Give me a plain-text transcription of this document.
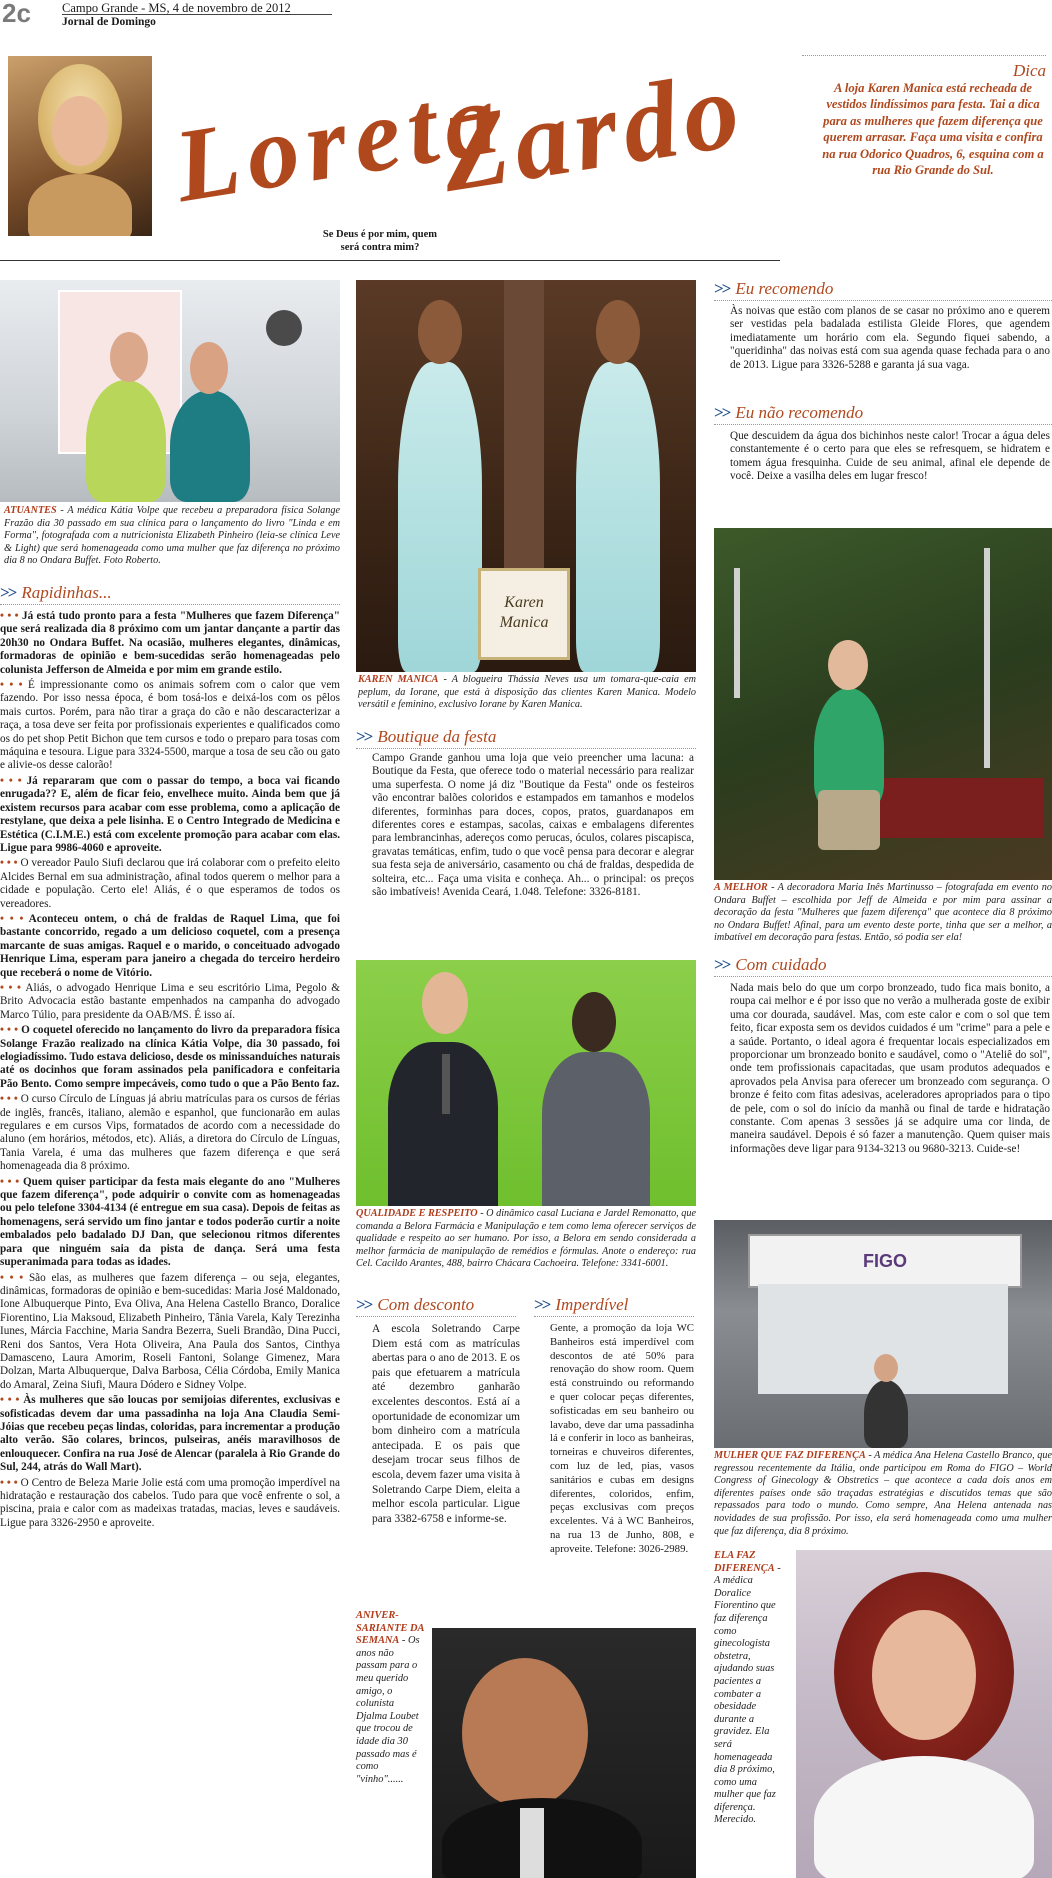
2c Campo Grande - MS, 4 de novembro de 2012
Jornal de Domingo
Loreta
Zardo
Se Deus é por mim, quem
será contra mim?
Dica
A loja Karen Manica está recheada de vestidos lindíssimos para festa. Tai a dica para as mulheres que fazem diferença que querem arrasar. Faça uma visita e confira na rua Odorico Quadros, 6, esquina com a rua Rio Grande do Sul.
ATUANTES - A médica Kátia Volpe que recebeu a preparadora física Solange Frazão dia 30 passado em sua clínica para o lançamento do livro "Linda e em Forma", fotografada com a nutricionista Elizabeth Pinheiro (leia-se clínica Leve & Light) que será homenageada como uma mulher que faz diferença no próximo dia 8 no Ondara Buffet. Foto Roberto.
>> Rapidinhas...

• • • Já está tudo pronto para a festa "Mulheres que fazem Diferença" que será realizada dia 8 próximo com um jantar dançante a partir das 20h30 no Ondara Buffet. Na ocasião, mulheres elegantes, dinâmicas, formadoras de opinião e bem-sucedidas serão homenageadas pelo colunista Jefferson de Almeida e por mim em grande estilo.

• • • É impressionante como os animais sofrem com o calor que vem fazendo. Por isso nessa época, é bom tosá-los e deixá-los com os pêlos mais curtos. Porém, para não tirar a graça do cão e não descaracterizar a raça, a tosa deve ser feita por profissionais experientes e qualificados como os do pet shop Petit Bichon que tem cursos e todo o preparo para tosas com máquina e tesoura. Ligue para 3324-5500, marque a tosa de seu cão ou gato e alivie-os desse calorão!

• • • Já repararam que com o passar do tempo, a boca vai ficando enrugada?? E, além de ficar feio, envelhece muito. Ainda bem que já existem recursos para acabar com esse problema, como a aplicação de restylane, que deixa a pele lisinha. E o Centro Integrado de Medicina e Estética (C.I.M.E.) está com excelente promoção para acabar com elas. Ligue para 9986-4060 e aproveite.

• • • O vereador Paulo Siufi declarou que irá colaborar com o prefeito eleito Alcides Bernal em sua administração, afinal todos querem o melhor para a cidade e população. Certo ele! Aliás, é o que esperamos de todos os vereadores.

• • • Aconteceu ontem, o chá de fraldas de Raquel Lima, que foi bastante concorrido, regado a um delicioso coquetel, com a presença marcante de suas amigas. Raquel e o marido, o conceituado advogado Henrique Lima, esperam para janeiro a chegada do terceiro herdeiro que receberá o nome de Vitório.

• • • Aliás, o advogado Henrique Lima e seu escritório Lima, Pegolo & Brito Advocacia estão bastante empenhados na campanha do advogado Marco Túlio, para presidente da OAB/MS. É isso aí.

• • • O coquetel oferecido no lançamento do livro da preparadora física Solange Frazão realizado na clínica Kátia Volpe, dia 30 passado, foi elogiadíssimo. Tudo estava delicioso, desde os minissanduíches naturais até os docinhos que foram assinados pela panificadora e confeitaria Pão Bento. Como sempre impecáveis, como tudo o que a Pão Bento faz.

• • • O curso Círculo de Línguas já abriu matrículas para os cursos de férias de inglês, francês, italiano, alemão e espanhol, que funcionarão em aulas regulares e em cursos Vips, formatados de acordo com a necessidade do aluno (em horários, métodos, etc). Aliás, a diretora do Círculo de Línguas, Tania Varela, é uma das mulheres que fazem diferença e que será homenageada dia 8 próximo.

• • • Quem quiser participar da festa mais elegante do ano "Mulheres que fazem diferença", pode adquirir o convite com as homenageadas ou pelo telefone 3304-4134 (é entregue em sua casa). Depois de feitas as homenagens, será servido um fino jantar e todos poderão curtir a noite embalados pelo badalado DJ Dan, que selecionou ritmos diferentes para que ninguém saia da pista de dança. Será uma festa superanimada para todas as idades.

• • • São elas, as mulheres que fazem diferença – ou seja, elegantes, dinâmicas, formadoras de opinião e bem-sucedidas: Maria José Maldonado, Ione Albuquerque Pinto, Eva Oliva, Ana Helena Castello Branco, Doralice Fiorentino, Lia Maksoud, Elizabeth Pinheiro, Tânia Varela, Kaly Terezinha Iunes, Márcia Facchine, Maria Sandra Bezerra, Sueli Brandão, Dina Pucci, Reni dos Santos, Vera Hota Oliveira, Ana Paula dos Santos, Cinthya Damasceno, Laura Amorim, Roseli Fantoni, Solange Gimenez, Mara Dolzan, Marta Albuquerque, Dalva Barbosa, Célia Córdoba, Emily Manica do Amaral, Zeina Siufi, Maura Dódero e Sidney Volpe.

• • • Às mulheres que são loucas por semijoias diferentes, exclusivas e sofisticadas devem dar uma passadinha na loja Ana Claudia Semi-Jóias que recebeu peças lindas, coloridas, para incrementar a produção alto verão. São colares, brincos, pulseiras, anéis maravilhosos de enlouquecer. Confira na rua José de Alencar (paralela à Rio Grande do Sul, 244, atrás do Wall Mart).

• • • O Centro de Beleza Marie Jolie está com uma promoção imperdível na hidratação e restauração dos cabelos. Tudo para que você enfrente o sol, a piscina, praia e calor com as madeixas tratadas, macias, leves e saudáveis. Ligue para 3326-2950 e aproveite.

Karen
Manica
KAREN MANICA - A blogueira Thássia Neves usa um tomara-que-caia em peplum, da Iorane, que está à disposição das clientes Karen Manica. Modelo versátil e feminino, exclusivo Iorane by Karen Manica.
>> Boutique da festa
Campo Grande ganhou uma loja que veio preencher uma lacuna: a Boutique da Festa, que oferece todo o material necessário para realizar uma superfesta. O nome já diz "Boutique da Festa" onde os festeiros vão encontrar balões coloridos e estampados em tamanhos e modelos diferentes, forminhas para doces, copos, pratos, guardanapos em diferentes cores e estampas, sacolas, caixas e embalagens diferentes para lembrancinhas, adereços como perucas, óculos, colares piscapisca, gravatas temáticas, enfim, tudo o que você pensa para decorar e alegrar sua festa seja de aniversário, casamento ou chá de fraldas, despedida de solteira, etc... Faça uma visita e conheça. Ah... o principal: os preços são imbatíveis! Avenida Ceará, 1.048. Telefone: 3326-8181.
QUALIDADE E RESPEITO - O dinâmico casal Luciana e Jardel Remonatto, que comanda a Belora Farmácia e Manipulação e tem como lema oferecer serviços de qualidade e respeito ao ser humano. Por isso, a Belora em sendo considerada a melhor farmácia de manipulação de remédios e fórmulas. Anote o endereço: rua Cel. Cacildo Arantes, 488, bairro Chácara Cachoeira. Telefone: 3341-6001.
>> Com desconto
A escola Soletrando Carpe Diem está com as matrículas abertas para o ano de 2013. E os pais que efetuarem a matrícula até dezembro ganharão excelentes descontos. Está aí a oportunidade de economizar um bom dinheiro com a matrícula antecipada. E os pais que desejam trocar seus filhos de escola, devem fazer uma visita à Soletrando Carpe Diem, eleita a melhor escola particular. Ligue para 3382-6758 e informe-se.
>> Imperdível
Gente, a promoção da loja WC Banheiros está imperdível com descontos de até 50% para renovação do show room. Quem está construindo ou reformando e quer colocar peças diferentes, sofisticadas em seu banheiro ou lavabo, deve dar uma passadinha lá e conferir in loco as banheiras, torneiras e chuveiros diferentes, com luz de led, pias, vasos sanitários e cubas em designs diferentes, coloridos, enfim, peças exclusivas com preços excelentes. Vá à WC Banheiros, na rua 13 de Junho, 808, e aproveite. Telefone: 3026-2989.
ANIVER-SARIANTE DA SEMANA - Os anos não passam para o meu querido amigo, o colunista Djalma Loubet que trocou de idade dia 30 passado mas é como "vinho"......
>> Eu recomendo
Às noivas que estão com planos de se casar no próximo ano e querem ser vestidas pela badalada estilista Gleide Flores, que agendem imediatamente um horário com ela. Segundo fiquei sabendo, a "queridinha" das noivas está com sua agenda quase fechada para o ano de 2013. Ligue para 3326-5288 e garanta já sua vaga.
>> Eu não recomendo
Que descuidem da água dos bichinhos neste calor! Trocar a água deles constantemente é o certo para que eles se refresquem, se hidratem e tomem água fresquinha. Cuide de seu animal, afinal ele depende de você. Deixe a vasilha deles em lugar fresco!
A MELHOR - A decoradora Maria Inês Martinusso – fotografada em evento no Ondara Buffet – escolhida por Jeff de Almeida e por mim para assinar a decoração da festa "Mulheres que fazem diferença" que acontece dia 8 próximo no Ondara Buffet! Afinal, para um evento deste porte, tinha que ser a melhor, a imbatível em decoração para festas. Então, só podia ser ela!
>> Com cuidado
Nada mais belo do que um corpo bronzeado, tudo fica mais bonito, a roupa cai melhor e é por isso que no verão a mulherada goste de exibir uma cor dourada, saudável. Mas, com este calor e com o sol que tem feito, ficar exposta sem os devidos cuidados é um "crime" para a pele e a saúde. Portanto, o ideal agora é frequentar locais especializados em proporcionar um bronzeado bonito e saudável, como o "Ateliê do sol", onde tem profissionais capacitadas, que usam produtos adequados e aprovados pela Anvisa para oferecer um bronzeado com segurança. O bronze é feito com fitas adesivas, aceleradores apropriados para o tipo de pele, com o sol do início da manhã ou final de tarde e hidratação constante. Com apenas 3 sessões já se adquire uma cor linda, de maneira saudável. Depois é só fazer a manutenção. Quem quiser mais informações deve ligar para 9134-3213 ou 9680-3213. Cuide-se!
FIGO
MULHER QUE FAZ DIFERENÇA - A médica Ana Helena Castello Branco, que regressou recentemente da Itália, onde participou em Roma do FIGO – World Congress of Ginecology & Obstretics – que acontece a cada dois anos em diferentes países onde são traçadas estratégias e discutidos temas que são repassados para todo o mundo. Como sempre, Ana Helena antenada nas novidades de sua profissão. Por isso, ela será homenageada como uma mulher que faz diferença, dia 8 próximo.
ELA FAZ DIFERENÇA - A médica Doralice Fiorentino que faz diferença como ginecologista obstetra, ajudando suas pacientes a combater a obesidade durante a gravidez. Ela será homenageada dia 8 próximo, como uma mulher que faz diferença. Merecido.
